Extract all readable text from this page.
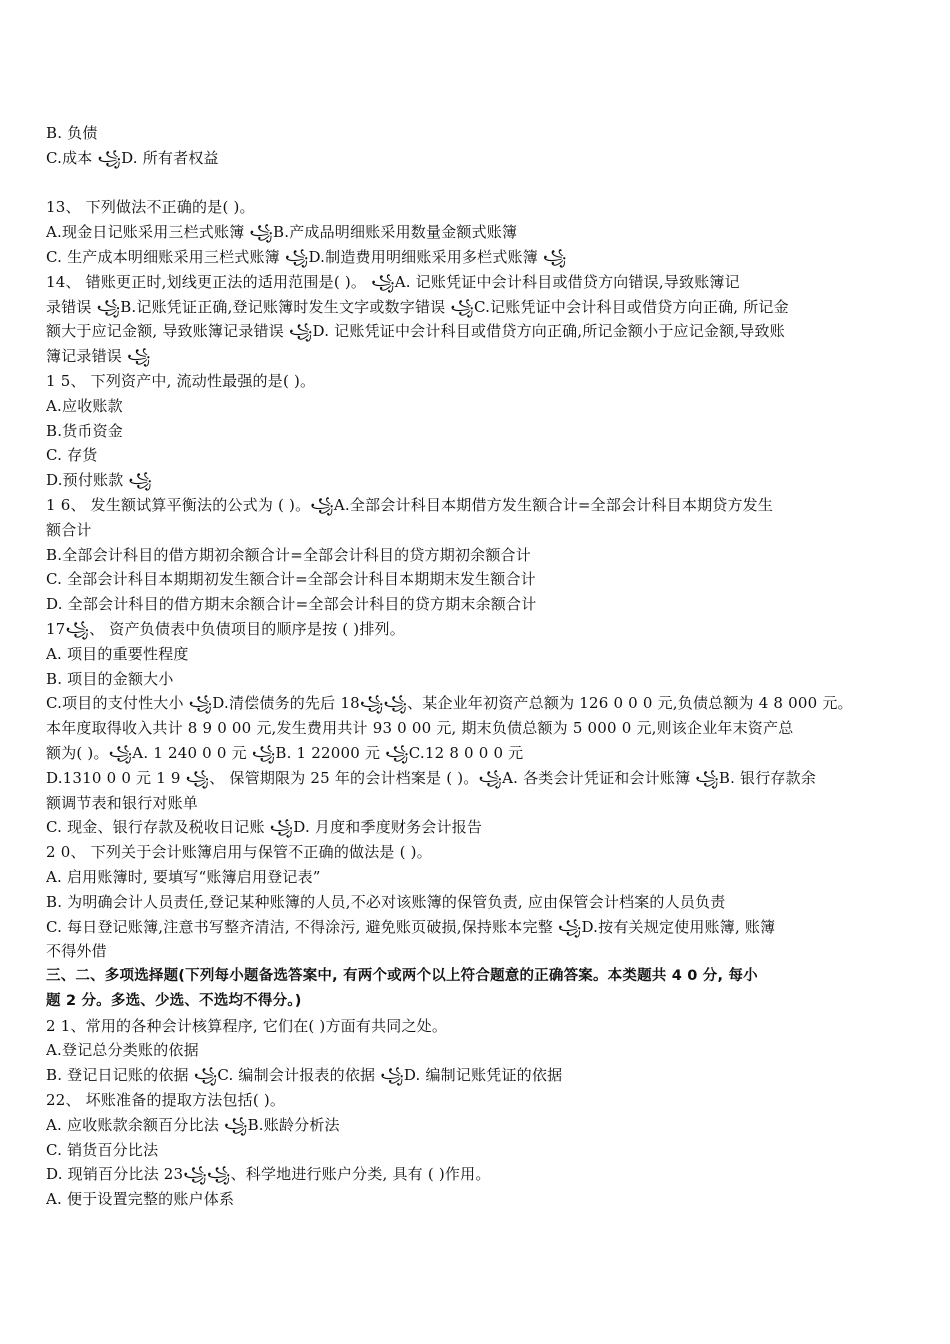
B. 负债
C.成本 ꧁D. 所有者权益
13、 下列做法不正确的是( )。
A.现金日记账采用三栏式账簿 ꧁B.产成品明细账采用数量金额式账簿
C. 生产成本明细账采用三栏式账簿 ꧁D.制造费用明细账采用多栏式账簿 ꧁
14、 错账更正时,划线更正法的适用范围是( )。 ꧁A. 记账凭证中会计科目或借贷方向错误,导致账簿记
录错误 ꧁B.记账凭证正确,登记账簿时发生文字或数字错误 ꧁C.记账凭证中会计科目或借贷方向正确, 所记金
额大于应记金额, 导致账簿记录错误 ꧁D. 记账凭证中会计科目或借贷方向正确,所记金额小于应记金额,导致账
簿记录错误 ꧁
1 5、 下列资产中, 流动性最强的是( )。
A.应收账款
B.货币资金
C. 存货
D.预付账款 ꧁
1 6、 发生额试算平衡法的公式为 ( )。꧁A.全部会计科目本期借方发生额合计=全部会计科目本期贷方发生
额合计
B.全部会计科目的借方期初余额合计=全部会计科目的贷方期初余额合计
C. 全部会计科目本期期初发生额合计=全部会计科目本期期末发生额合计
D. 全部会计科目的借方期末余额合计=全部会计科目的贷方期末余额合计
17꧁、 资产负债表中负债项目的顺序是按 ( )排列。
A. 项目的重要性程度
B. 项目的金额大小
C.项目的支付性大小 ꧁D.清偿债务的先后 18꧁꧁、某企业年初资产总额为 126 0 0 0 元,负债总额为 4 8 000 元。
本年度取得收入共计 8 9 0 00 元,发生费用共计 93 0 00 元, 期末负债总额为 5 000 0 元,则该企业年末资产总
额为( )。꧁A. 1 240 0 0 元 ꧁B. 1 22000 元 ꧁C.12 8 0 0 0 元
D.1310 0 0 元 1 9 ꧁、 保管期限为 25 年的会计档案是 ( )。꧁A. 各类会计凭证和会计账簿 ꧁B. 银行存款余
额调节表和银行对账单
C. 现金、银行存款及税收日记账 ꧁D. 月度和季度财务会计报告
2 0、 下列关于会计账簿启用与保管不正确的做法是 ( )。
A. 启用账簿时, 要填写“账簿启用登记表”
B. 为明确会计人员责任,登记某种账簿的人员,不必对该账簿的保管负责, 应由保管会计档案的人员负责
C. 每日登记账簿,注意书写整齐清洁, 不得涂污, 避免账页破损,保持账本完整 ꧁D.按有关规定使用账簿, 账簿
不得外借
三、二、多项选择题(下列每小题备选答案中, 有两个或两个以上符合题意的正确答案。本类题共 4 0 分, 每小
题 2 分。多选、少选、不选均不得分。)
2 1、常用的各种会计核算程序, 它们在( )方面有共同之处。
A.登记总分类账的依据
B. 登记日记账的依据 ꧁C. 编制会计报表的依据 ꧁D. 编制记账凭证的依据
22、 坏账准备的提取方法包括( )。
A. 应收账款余额百分比法 ꧁B.账龄分析法
C. 销货百分比法
D. 现销百分比法 23꧁꧁、科学地进行账户分类, 具有 ( )作用。
A. 便于设置完整的账户体系
